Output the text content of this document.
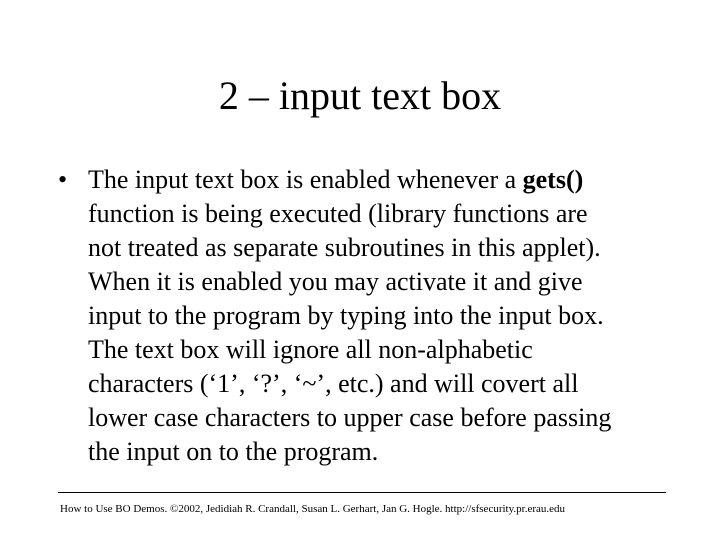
2 – input text box
• The input text box is enabled whenever a gets()
function is being executed (library functions are
not treated as separate subroutines in this applet).
When it is enabled you may activate it and give
input to the program by typing into the input box.
The text box will ignore all non-alphabetic
characters (‘1’, ‘?’, ‘~’, etc.) and will covert all
lower case characters to upper case before passing
the input on to the program.
How to Use BO Demos. ©2002, Jedidiah R. Crandall, Susan L. Gerhart, Jan G. Hogle. http://sfsecurity.pr.erau.edu
